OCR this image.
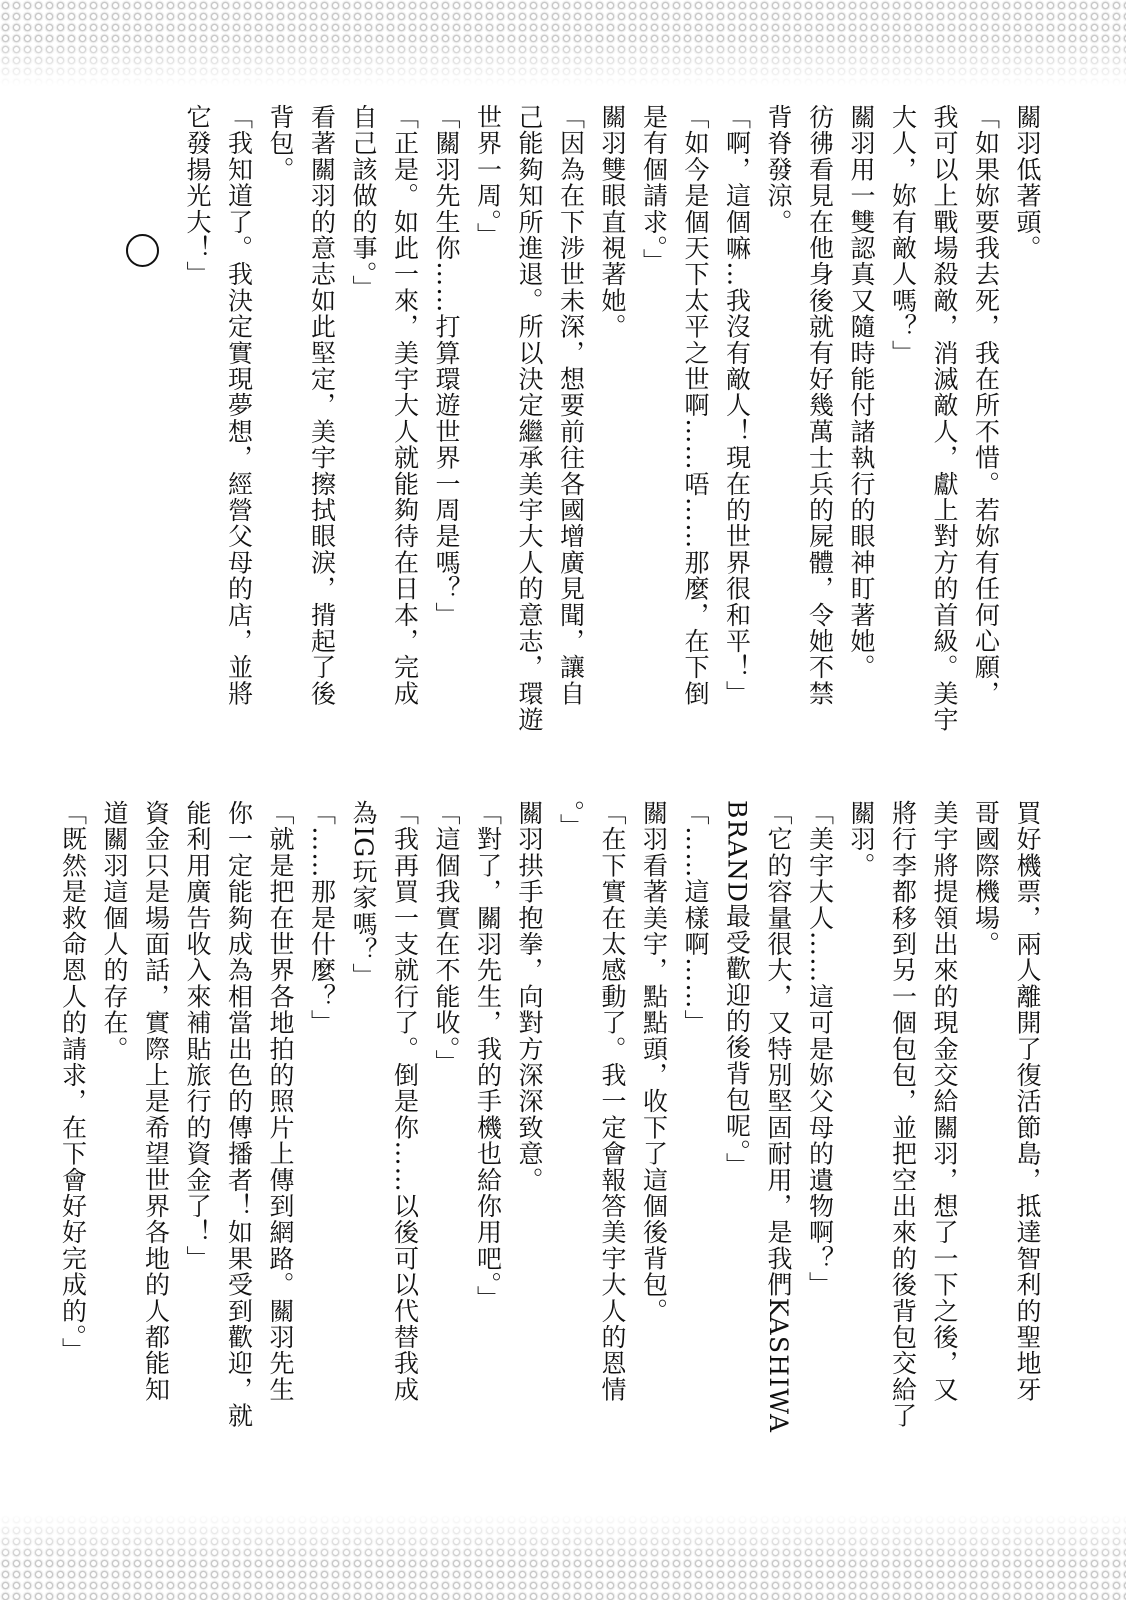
關羽低著頭。
「如果妳要我去死，我在所不惜。若妳有任何心願，
我可以上戰場殺敵，消滅敵人，獻上對方的首級。美宇
大人，妳有敵人嗎？」
關羽用一雙認真又隨時能付諸執行的眼神盯著她。
彷彿看見在他身後就有好幾萬士兵的屍體，令她不禁
背脊發涼。
「啊，這個嘛…我沒有敵人！現在的世界很和平！」
「如今是個天下太平之世啊……唔……那麼，在下倒
是有個請求。」
關羽雙眼直視著她。
「因為在下涉世未深，想要前往各國增廣見聞，讓自
己能夠知所進退。所以決定繼承美宇大人的意志，環遊
世界一周。」
「關羽先生你……打算環遊世界一周是嗎？」
「正是。如此一來，美宇大人就能夠待在日本，完成
自己該做的事。」
看著關羽的意志如此堅定，美宇擦拭眼淚，揹起了後
背包。
「我知道了。我決定實現夢想，經營父母的店，並將
它發揚光大！」
買好機票，兩人離開了復活節島，抵達智利的聖地牙
哥國際機場。
美宇將提領出來的現金交給關羽，想了一下之後，又
將行李都移到另一個包包，並把空出來的後背包交給了
關羽。
「美宇大人……這可是妳父母的遺物啊？」
「它的容量很大，又特別堅固耐用，是我們KASHIWA
BRAND最受歡迎的後背包呢。」
「……這樣啊……」
關羽看著美宇，點點頭，收下了這個後背包。
「在下實在太感動了。我一定會報答美宇大人的恩情
。」
關羽拱手抱拳，向對方深深致意。
「對了，關羽先生，我的手機也給你用吧。」
「這個我實在不能收。」
「我再買一支就行了。倒是你……以後可以代替我成
為IG玩家嗎？」
「……那是什麼？」
「就是把在世界各地拍的照片上傳到網路。關羽先生
你一定能夠成為相當出色的傳播者！如果受到歡迎，就
能利用廣告收入來補貼旅行的資金了！」
資金只是場面話，實際上是希望世界各地的人都能知
道關羽這個人的存在。
「既然是救命恩人的請求，在下會好好完成的。」
